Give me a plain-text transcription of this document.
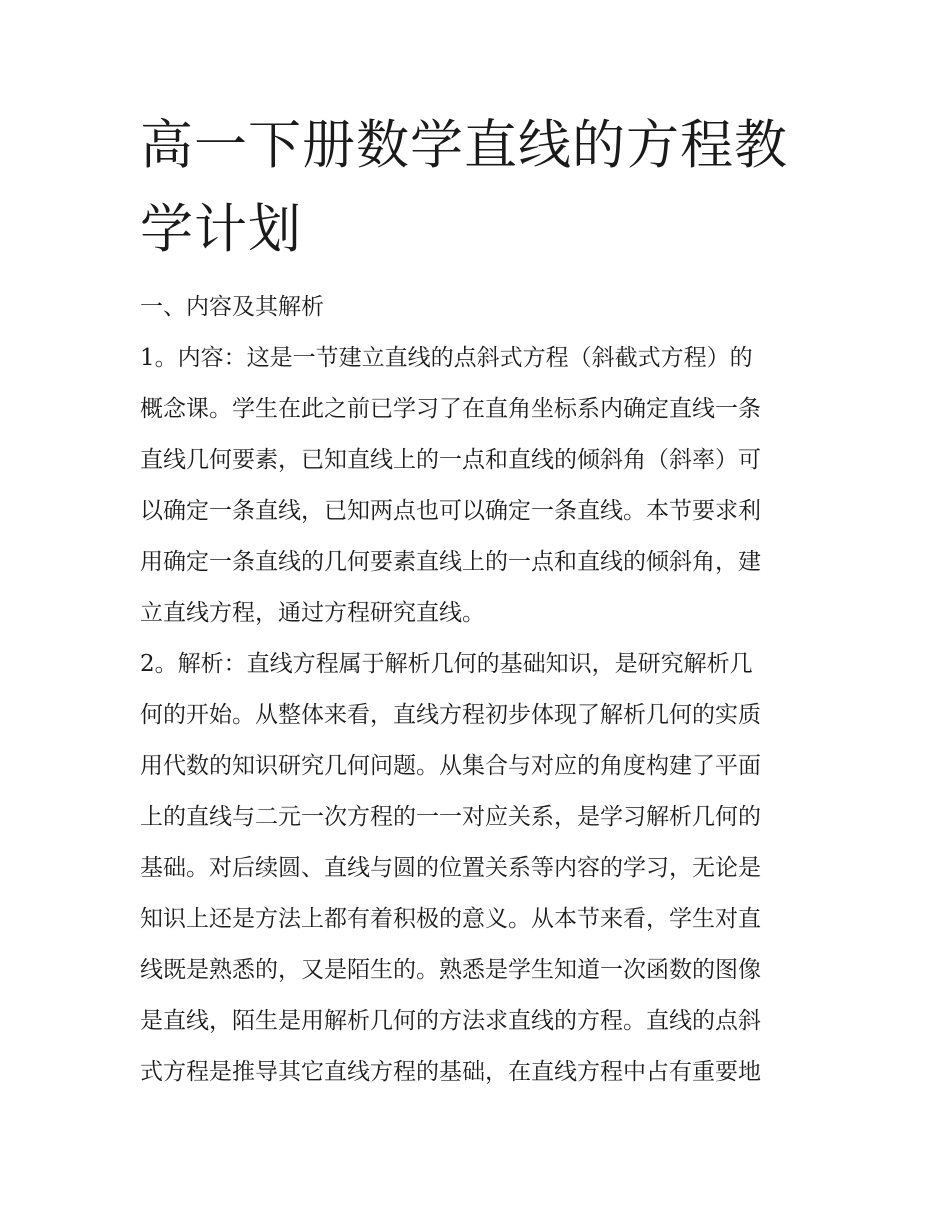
高一下册数学直线的方程教学计划

一、内容及其解析

1。内容：这是一节建立直线的点斜式方程（斜截式方程）的

概念课。学生在此之前已学习了在直角坐标系内确定直线一条

直线几何要素，已知直线上的一点和直线的倾斜角（斜率）可

以确定一条直线，已知两点也可以确定一条直线。本节要求利

用确定一条直线的几何要素直线上的一点和直线的倾斜角，建

立直线方程，通过方程研究直线。

2。解析：直线方程属于解析几何的基础知识，是研究解析几

何的开始。从整体来看，直线方程初步体现了解析几何的实质

用代数的知识研究几何问题。从集合与对应的角度构建了平面

上的直线与二元一次方程的一一对应关系，是学习解析几何的

基础。对后续圆、直线与圆的位置关系等内容的学习，无论是

知识上还是方法上都有着积极的意义。从本节来看，学生对直

线既是熟悉的，又是陌生的。熟悉是学生知道一次函数的图像

是直线，陌生是用解析几何的方法求直线的方程。直线的点斜

式方程是推导其它直线方程的基础，在直线方程中占有重要地
